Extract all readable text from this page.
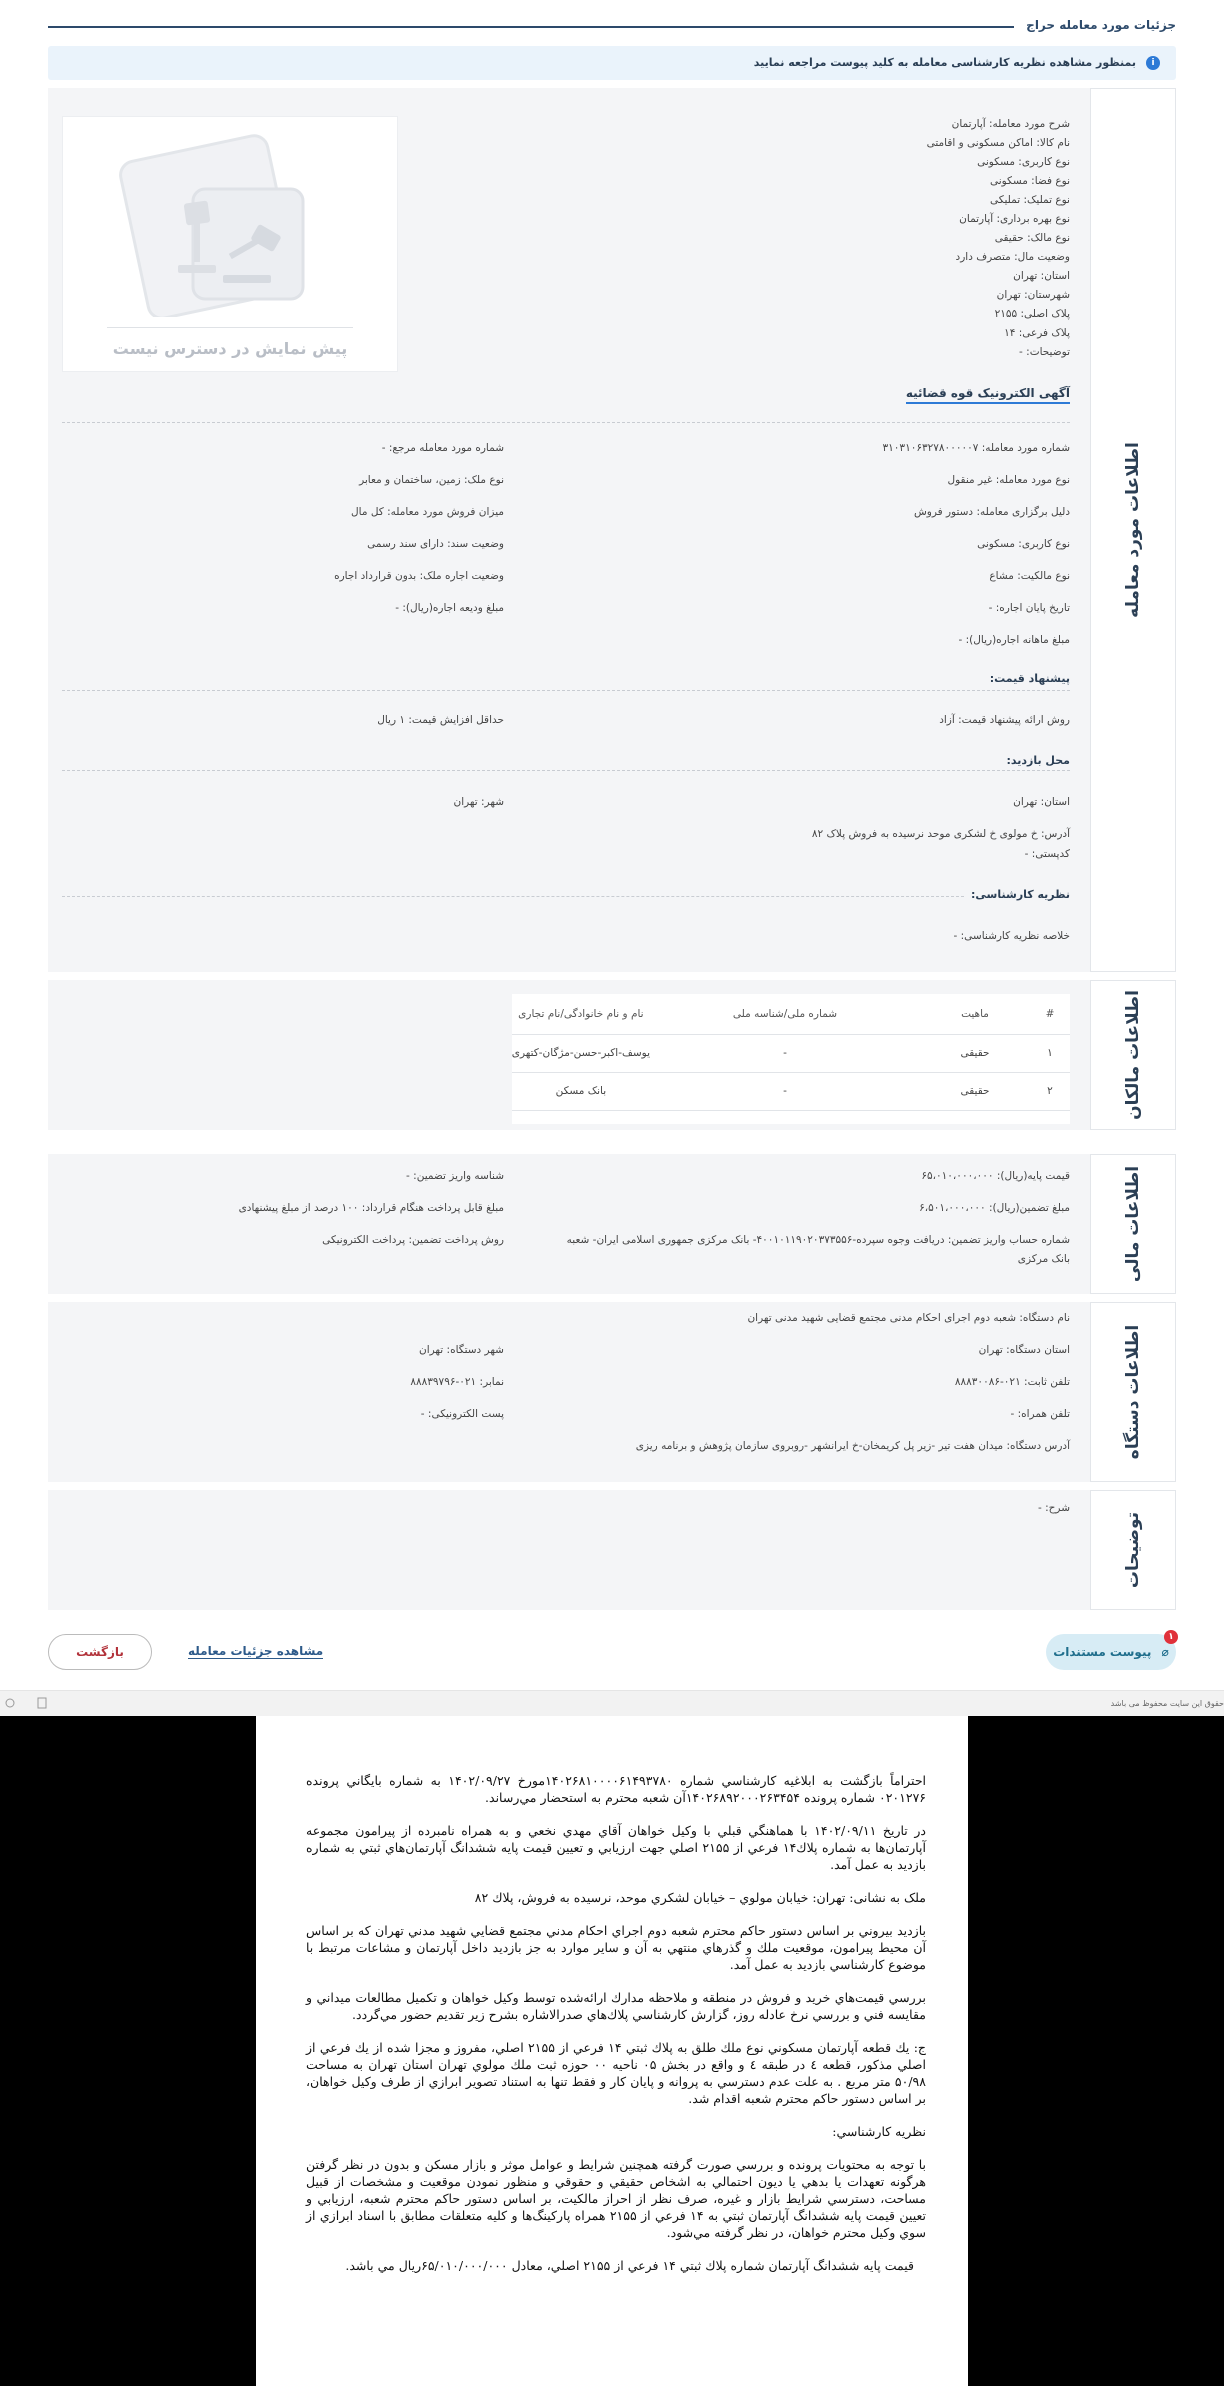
جزئیات مورد معامله حراج
i
بمنظور مشاهده نظریه کارشناسی معامله به کلید پیوست مراجعه نمایید
اطلاعات مورد معامله
شرح مورد معامله: آپارتمان
نام کالا: اماکن مسکونی و اقامتی
نوع کاربری: مسکونی
نوع فضا: مسکونی
نوع تملیک: تملیکی
نوع بهره برداری: آپارتمان
نوع مالک: حقیقی
وضعیت مال: متصرف دارد
استان: تهران
شهرستان: تهران
پلاک اصلی: ۲۱۵۵
پلاک فرعی: ۱۴
توضیحات: -
پیش نمایش در دسترس نیست
آگهی الکترونیک قوه قضائیه
شماره مورد معامله: ۳۱۰۳۱۰۶۳۲۷۸۰۰۰۰۰۷
نوع مورد معامله: غیر منقول
دلیل برگزاری معامله: دستور فروش
نوع کاربری: مسکونی
نوع مالکیت: مشاع
تاریخ پایان اجاره: -
مبلغ ماهانه اجاره(ریال): -
شماره مورد معامله مرجع: -
نوع ملک: زمین، ساختمان و معابر
میزان فروش مورد معامله: کل مال
وضعیت سند: دارای سند رسمی
وضعیت اجاره ملک: بدون قرارداد اجاره
مبلغ ودیعه اجاره(ریال): -
پیشنهاد قیمت:
روش ارائه پیشنهاد قیمت: آزاد
حداقل افزایش قیمت: ۱ ریال
محل بازدید:
استان: تهران
شهر: تهران
آدرس: خ مولوی خ لشکری موحد نرسیده به فروش پلاک ۸۲
کدپستی: -
نظریه کارشناسی:
خلاصه نظریه کارشناسی: -
اطلاعات مالکان
#	ماهیت	شماره ملی/شناسه ملی	نام و نام خانوادگی/نام تجاری
۱	حقیقی	-	یوسف-اکبر-حسن-مژگان-کتهری
۲	حقیقی	-	بانک مسکن

اطلاعات مالی
قیمت پایه(ریال): ۶۵،۰۱۰،۰۰۰،۰۰۰
شناسه واریز تضمین: -
مبلغ تضمین(ریال): ۶،۵۰۱،۰۰۰،۰۰۰
مبلغ قابل پرداخت هنگام قرارداد: ۱۰۰ درصد از مبلغ پیشنهادی
شماره حساب واریز تضمین: دریافت وجوه سپرده-۴۰۰۱۰۱۱۹۰۲۰۳۷۳۵۵۶- بانک مرکزی جمهوری اسلامی ایران- شعبه
بانک مرکزی
روش پرداخت تضمین: پرداخت الکترونیکی
اطلاعات دستگاه
نام دستگاه: شعبه دوم اجرای احکام مدنی مجتمع قضایی شهید مدنی تهران
استان دستگاه: تهران
شهر دستگاه: تهران
تلفن ثابت: ۰۲۱-۸۸۸۳۰۰۸۶
نمابر: ۰۲۱-۸۸۸۳۹۷۹۶
تلفن همراه: -
پست الکترونیکی: -
آدرس دستگاه: میدان هفت تیر -زیر پل کریمخان-خ ایرانشهر -روبروی سازمان پژوهش و برنامه ریزی
توضیحات
شرح: -
۱
⌀ پیوست مستندات
مشاهده جزئیات معامله
بازگشت
حقوق این سایت محفوظ می باشد

احتراماً بازگشت به ابلاغیه كارشناسي شماره ۱۴۰۲۶۸۱۰۰۰۰۶۱۴۹۳۷۸۰مورخ ۱۴۰۲/۰۹/۲۷ به شماره بایگاني پرونده ۰۲۰۱۲۷۶ شماره پرونده ۱۴۰۲۶۸۹۲۰۰۰۲۶۳۴۵۴آن شعبه محترم به استحضار مي‌رساند.

در تاريخ ۱۴۰۲/۰۹/۱۱ با هماهنگي قبلي با وكيل خواهان آقاي مهدي نخعي و به همراه نامبرده از پيرامون مجموعه آپارتمان‌ها به شماره پلاك۱۴ فرعي از ۲۱۵۵ اصلي جهت ارزيابي و تعيين قيمت پايه ششدانگ آپارتمان‌هاي ثبتي به شماره بازديد به عمل آمد.

ملک به نشانی: تهران: خيابان مولوي – خيابان لشكري موحد، نرسيده به فروش، پلاك ۸۲

بازديد بيروني بر اساس دستور حاكم محترم شعبه دوم اجراي احكام مدني مجتمع قضايي شهيد مدني تهران كه بر اساس آن محيط پيرامون، موقعيت ملك و گذرهاي منتهي به آن و ساير موارد به جز بازديد داخل آپارتمان و مشاعات مرتبط با موضوع كارشناسي بازديد به عمل آمد.

بررسي قيمت‌هاي خريد و فروش در منطقه و ملاحظه مدارك ارائه‌شده توسط وكيل خواهان و تكميل مطالعات ميداني و مقايسه فني و بررسي نرخ عادله روز، گزارش كارشناسي پلاك‌هاي صدرالاشاره بشرح زير تقديم حضور مي‌گردد.

ج: يك قطعه آپارتمان مسكوني نوع ملك طلق به پلاك ثبتي ۱۴ فرعي از ۲۱۵۵ اصلي، مفروز و مجزا شده از يك فرعي از اصلي مذكور، قطعه ٤ در طبقه ٤ و واقع در بخش ۰۵ ناحيه ۰۰ حوزه ثبت ملك مولوي تهران استان تهران به مساحت ۵۰/۹۸ متر مربع . به علت عدم دسترسي به پروانه و پايان كار و فقط تنها به استناد تصوير ابرازي از طرف وكيل خواهان، بر اساس دستور حاكم محترم شعبه اقدام شد.

نظريه كارشناسي:

با توجه به محتويات پرونده و بررسي صورت گرفته همچنين شرايط و عوامل موثر و بازار مسكن و بدون در نظر گرفتن هرگونه تعهدات يا بدهي يا ديون احتمالي به اشخاص حقيقي و حقوقي و منظور نمودن موقعيت و مشخصات از قبيل مساحت، دسترسي شرايط بازار و غيره، صرف نظر از احراز مالكيت، بر اساس دستور حاكم محترم شعبه، ارزيابي و تعيين قيمت پايه ششدانگ آپارتمان ثبتي به ۱۴ فرعي از ۲۱۵۵ همراه پاركينگ‌ها و كليه متعلقات مطابق با اسناد ابرازي از سوي وكيل محترم خواهان، در نظر گرفته مي‌شود.

قيمت پايه ششدانگ آپارتمان شماره پلاك ثبتي ۱۴ فرعي از ۲۱۵۵ اصلي، معادل ۶۵/۰۱۰/۰۰۰/۰۰۰ريال مي باشد.
